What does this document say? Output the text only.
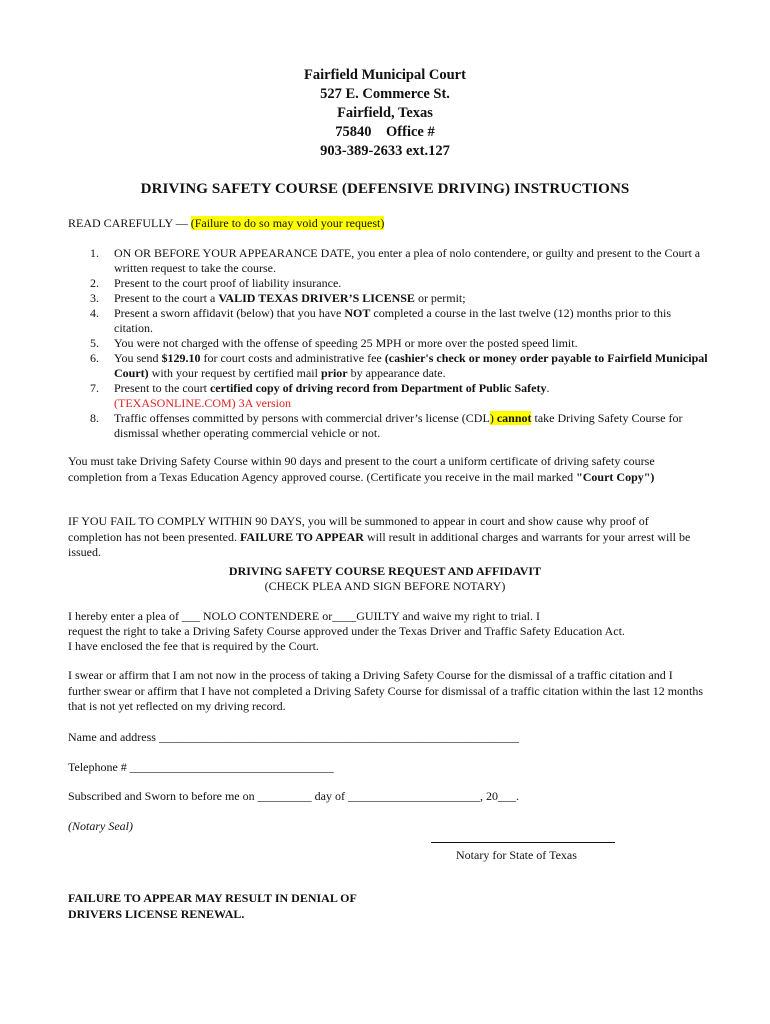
Fairfield Municipal Court
527 E. Commerce St.
Fairfield, Texas
75840    Office #
903-389-2633 ext.127
DRIVING SAFETY COURSE (DEFENSIVE DRIVING) INSTRUCTIONS
READ CAREFULLY — (Failure to do so may void your request)
1. ON OR BEFORE YOUR APPEARANCE DATE, you enter a plea of nolo contendere, or guilty and present to the Court a written request to take the course.
2. Present to the court proof of liability insurance.
3. Present to the court a VALID TEXAS DRIVER’S LICENSE or permit;
4. Present a sworn affidavit (below) that you have NOT completed a course in the last twelve (12) months prior to this citation.
5. You were not charged with the offense of speeding 25 MPH or more over the posted speed limit.
6. You send $129.10 for court costs and administrative fee (cashier's check or money order payable to Fairfield Municipal Court) with your request by certified mail prior by appearance date.
7. Present to the court certified copy of driving record from Department of Public Safety.
(TEXASONLINE.COM) 3A version
8. Traffic offenses committed by persons with commercial driver’s license (CDL) cannot take Driving Safety Course for dismissal whether operating commercial vehicle or not.
You must take Driving Safety Course within 90 days and present to the court a uniform certificate of driving safety course completion from a Texas Education Agency approved course. (Certificate you receive in the mail marked "Court Copy")
IF YOU FAIL TO COMPLY WITHIN 90 DAYS, you will be summoned to appear in court and show cause why proof of completion has not been presented. FAILURE TO APPEAR will result in additional charges and warrants for your arrest will be issued.
DRIVING SAFETY COURSE REQUEST AND AFFIDAVIT
(CHECK PLEA AND SIGN BEFORE NOTARY)
I hereby enter a plea of ___ NOLO CONTENDERE or____GUILTY and waive my right to trial. I
request the right to take a Driving Safety Course approved under the Texas Driver and Traffic Safety Education Act.
I have enclosed the fee that is required by the Court.
I swear or affirm that I am not now in the process of taking a Driving Safety Course for the dismissal of a traffic citation and I further swear or affirm that I have not completed a Driving Safety Course for dismissal of a traffic citation within the last 12 months that is not yet reflected on my driving record.
Name and address ____________________________________________________________
Telephone # __________________________________
Subscribed and Sworn to before me on _________ day of ______________________, 20___.
(Notary Seal)
Notary for State of Texas
FAILURE TO APPEAR MAY RESULT IN DENIAL OF
DRIVERS LICENSE RENEWAL.
